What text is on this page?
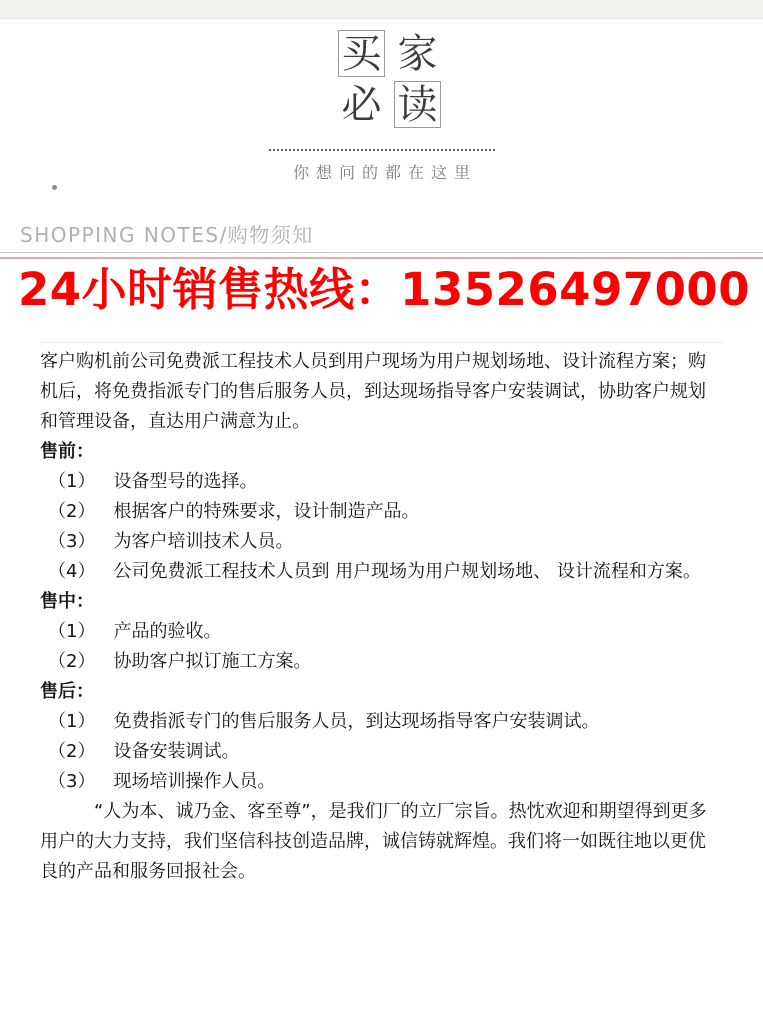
买 家
必 读
你想问的都在这里
SHOPPING NOTES/购物须知
24小时销售热线：13526497000

客户购机前公司免费派工程技术人员到用户现场为用户规划场地、设计流程方案；购机后，将免费指派专门的售后服务人员，到达现场指导客户安装调试，协助客户规划和管理设备，直达用户满意为止。

售前：
（1） 设备型号的选择。
（2） 根据客户的特殊要求，设计制造产品。
（3） 为客户培训技术人员。
（4） 公司免费派工程技术人员到 用户现场为用户规划场地、 设计流程和方案。
售中：
（1） 产品的验收。
（2） 协助客户拟订施工方案。
售后：
（1） 免费指派专门的售后服务人员，到达现场指导客户安装调试。
（2） 设备安装调试。
（3） 现场培训操作人员。

“人为本、诚乃金、客至尊”，是我们厂的立厂宗旨。热忱欢迎和期望得到更多用户的大力支持，我们坚信科技创造品牌，诚信铸就辉煌。我们将一如既往地以更优良的产品和服务回报社会。
